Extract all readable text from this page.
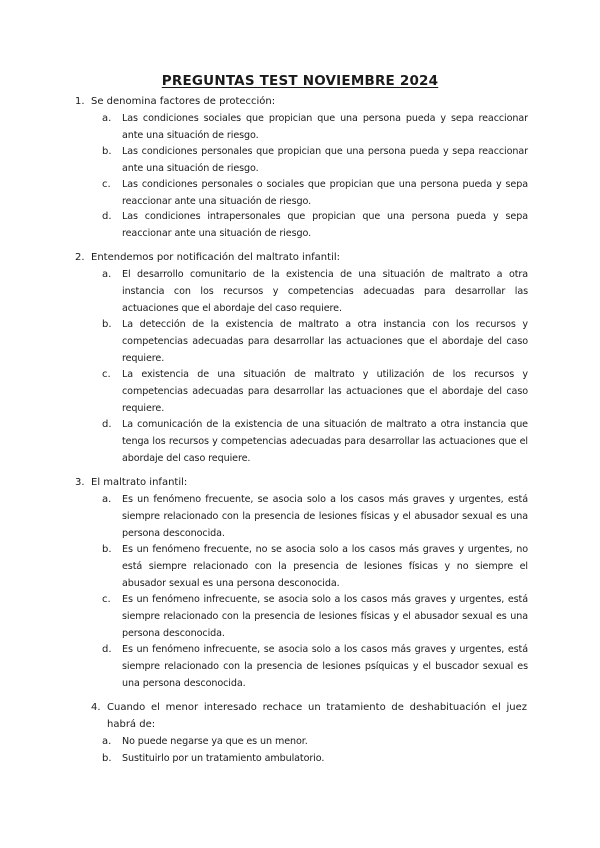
PREGUNTAS TEST NOVIEMBRE 2024
1. Se denomina factores de protección:
a. Las condiciones sociales que propician que una persona pueda y sepa reaccionar ante una situación de riesgo.
b. Las condiciones personales que propician que una persona pueda y sepa reaccionar ante una situación de riesgo.
c. Las condiciones personales o sociales que propician que una persona pueda y sepa reaccionar ante una situación de riesgo.
d. Las condiciones intrapersonales que propician que una persona pueda y sepa reaccionar ante una situación de riesgo.
2. Entendemos por notificación del maltrato infantil:
a. El desarrollo comunitario de la existencia de una situación de maltrato a otra instancia con los recursos y competencias adecuadas para desarrollar las actuaciones que el abordaje del caso requiere.
b. La detección de la existencia de maltrato a otra instancia con los recursos y competencias adecuadas para desarrollar las actuaciones que el abordaje del caso requiere.
c. La existencia de una situación de maltrato y utilización de los recursos y competencias adecuadas para desarrollar las actuaciones que el abordaje del caso requiere.
d. La comunicación de la existencia de una situación de maltrato a otra instancia que tenga los recursos y competencias adecuadas para desarrollar las actuaciones que el abordaje del caso requiere.
3. El maltrato infantil:
a. Es un fenómeno frecuente, se asocia solo a los casos más graves y urgentes, está siempre relacionado con la presencia de lesiones físicas y el abusador sexual es una persona desconocida.
b. Es un fenómeno frecuente, no se asocia solo a los casos más graves y urgentes, no está siempre relacionado con la presencia de lesiones físicas y no siempre el abusador sexual es una persona desconocida.
c. Es un fenómeno infrecuente, se asocia solo a los casos más graves y urgentes, está siempre relacionado con la presencia de lesiones físicas y el abusador sexual es una persona desconocida.
d. Es un fenómeno infrecuente, se asocia solo a los casos más graves y urgentes, está siempre relacionado con la presencia de lesiones psíquicas y el buscador sexual es una persona desconocida.
4. Cuando el menor interesado rechace un tratamiento de deshabituación el juez habrá de:
a. No puede negarse ya que es un menor.
b. Sustituirlo por un tratamiento ambulatorio.
